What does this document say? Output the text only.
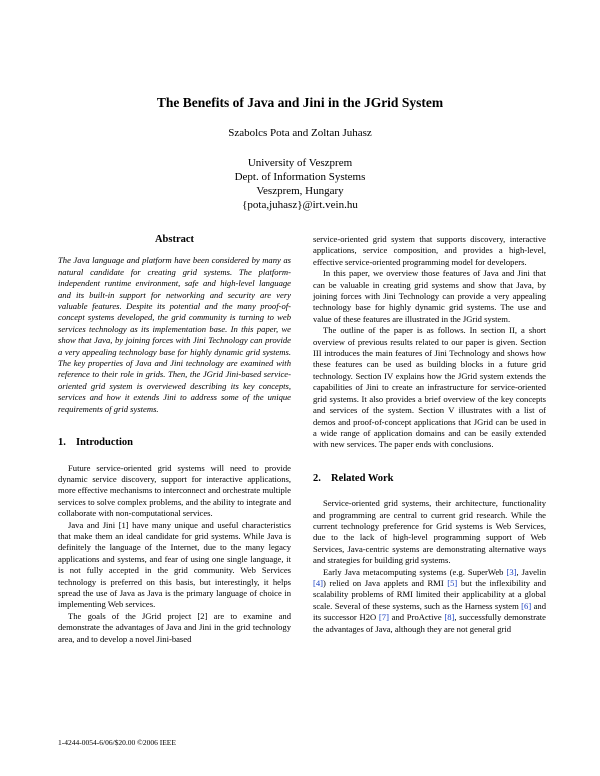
The Benefits of Java and Jini in the JGrid System
Szabolcs Pota and Zoltan Juhasz
University of Veszprem
Dept. of Information Systems
Veszprem, Hungary
{pota,juhasz}@irt.vein.hu
Abstract

The Java language and platform have been considered by many as natural candidate for creating grid systems. The platform-independent runtime environment, safe and high-level language and its built-in support for networking and security are very valuable features. Despite its potential and the many proof-of-concept systems developed, the grid community is turning to web services technology as its implementation base. In this paper, we show that Java, by joining forces with Jini Technology can provide a very appealing technology base for highly dynamic grid systems. The key properties of Java and Jini technology are examined with reference to their role in grids. Then, the JGrid Jini-based service-oriented grid system is overviewed describing its key concepts, services and how it extends Jini to address some of the unique requirements of grid systems.

1. Introduction

Future service-oriented grid systems will need to provide dynamic service discovery, support for interactive applications, more effective mechanisms to interconnect and orchestrate multiple services to solve complex problems, and the ability to integrate and collaborate with non-computational services.

Java and Jini [1] have many unique and useful characteristics that make them an ideal candidate for grid systems. While Java is definitely the language of the Internet, due to the many legacy applications and systems, and fear of using one single language, it is not fully accepted in the grid community. Web Services technology is preferred on this basis, but interestingly, it helps spread the use of Java as Java is the primary language of choice in implementing Web services.

The goals of the JGrid project [2] are to examine and demonstrate the advantages of Java and Jini in the grid technology area, and to develop a novel Jini-based

service-oriented grid system that supports discovery, interactive applications, service composition, and provides a high-level, effective service-oriented programming model for developers.

In this paper, we overview those features of Java and Jini that can be valuable in creating grid systems and show that Java, by joining forces with Jini Technology can provide a very appealing technology base for highly dynamic grid systems. The use and value of these features are illustrated in the JGrid system.

The outline of the paper is as follows. In section II, a short overview of previous results related to our paper is given. Section III introduces the main features of Jini Technology and shows how these features can be used as building blocks in a future grid technology. Section IV explains how the JGrid system extends the capabilities of Jini to create an infrastructure for service-oriented grid systems. It also provides a brief overview of the key concepts and services of the system. Section V illustrates with a list of demos and proof-of-concept applications that JGrid can be used in a wide range of application domains and can be easily extended with new services. The paper ends with conclusions.

2. Related Work

Service-oriented grid systems, their architecture, functionality and programming are central to current grid research. While the current technology preference for Grid systems is Web Services, due to the lack of high-level programming support of Web Services, Java-centric systems are demonstrating alternative ways and strategies for building grid systems.

Early Java metacomputing systems (e.g. SuperWeb [3], Javelin [4]) relied on Java applets and RMI [5] but the inflexibility and scalability problems of RMI limited their applicability at a global scale. Several of these systems, such as the Harness system [6] and its successor H2O [7] and ProActive [8], successfully demonstrate the advantages of Java, although they are not general grid

1-4244-0054-6/06/$20.00 ©2006 IEEE
